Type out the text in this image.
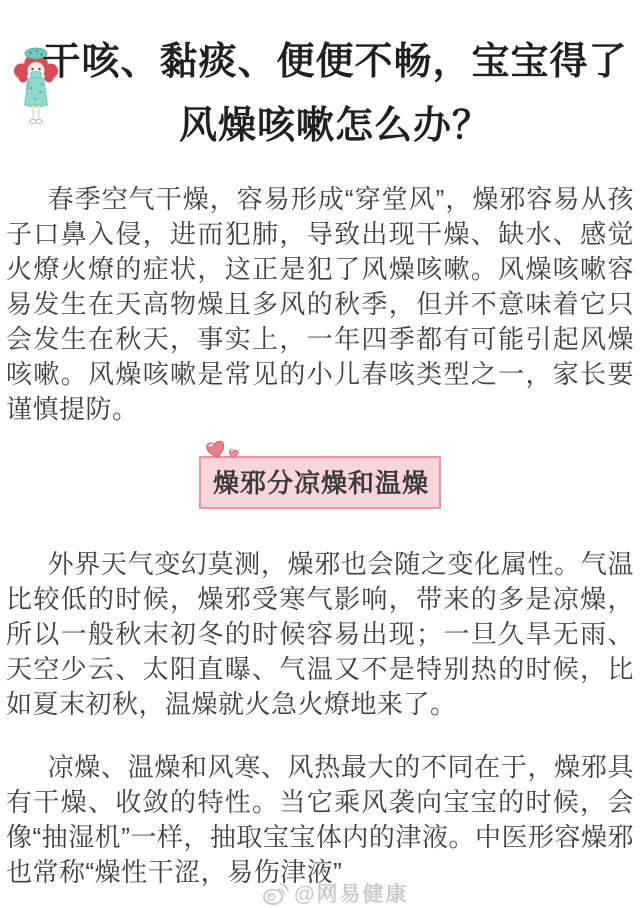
干咳、黏痰、便便不畅，宝宝得了
风燥咳嗽怎么办？

春季空气干燥，容易形成“穿堂风”，燥邪容易从孩子口鼻入侵，进而犯肺，导致出现干燥、缺水、感觉火燎火燎的症状，这正是犯了风燥咳嗽。风燥咳嗽容易发生在天高物燥且多风的秋季，但并不意味着它只会发生在秋天，事实上，一年四季都有可能引起风燥咳嗽。风燥咳嗽是常见的小儿春咳类型之一，家长要谨慎提防。

燥邪分凉燥和温燥

外界天气变幻莫测，燥邪也会随之变化属性。气温比较低的时候，燥邪受寒气影响，带来的多是凉燥，所以一般秋末初冬的时候容易出现；一旦久旱无雨、天空少云、太阳直曝、气温又不是特别热的时候，比如夏末初秋，温燥就火急火燎地来了。

凉燥、温燥和风寒、风热最大的不同在于，燥邪具有干燥、收敛的特性。当它乘风袭向宝宝的时候，会像“抽湿机”一样，抽取宝宝体内的津液。中医形容燥邪也常称“燥性干涩，易伤津液”

@网易健康
